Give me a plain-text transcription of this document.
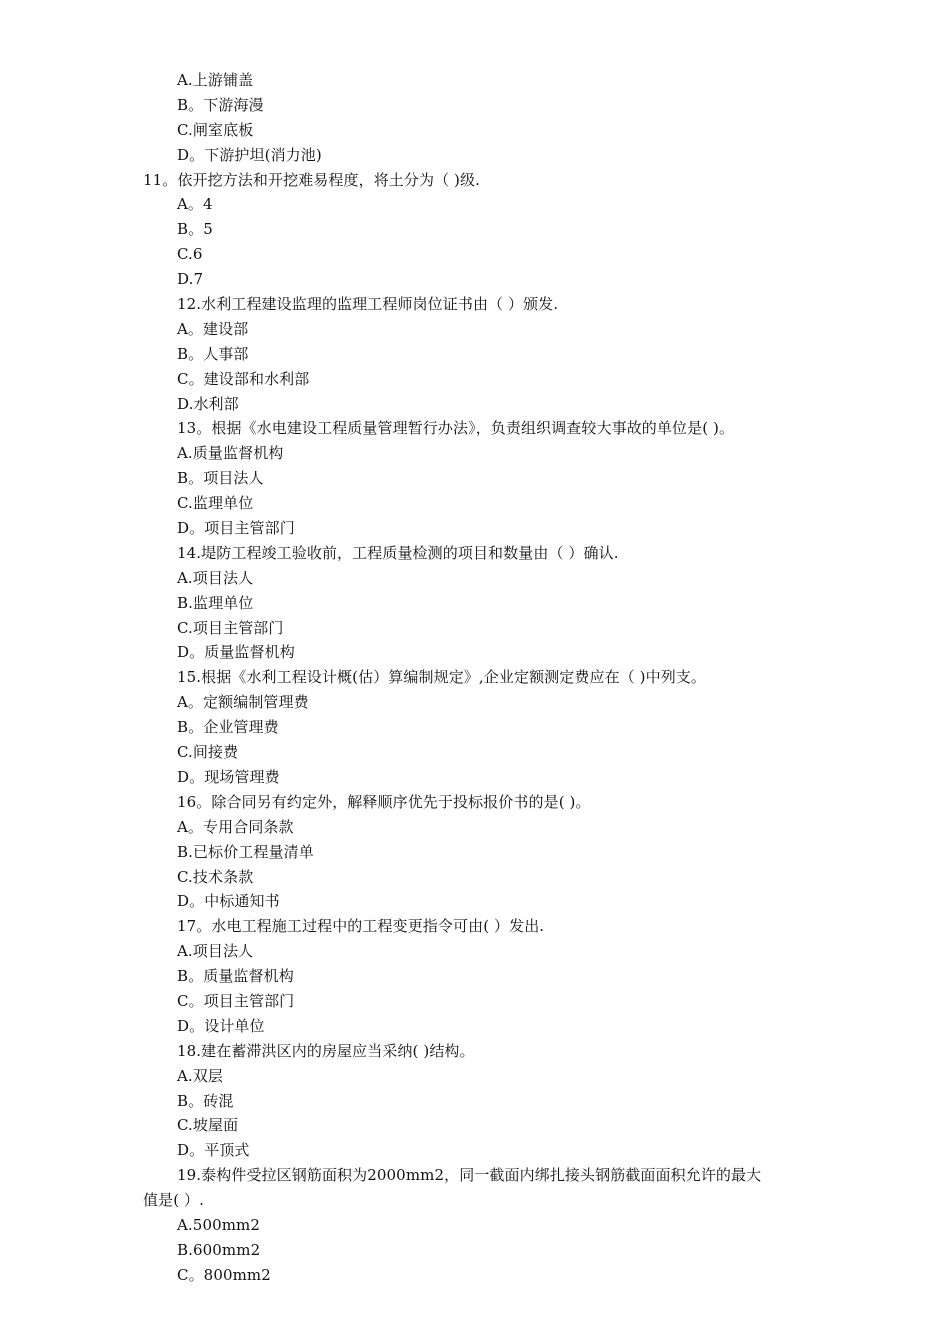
A.上游铺盖
B。下游海漫
C.闸室底板
D。下游护坦(消力池)
11。依开挖方法和开挖难易程度，将土分为（ )级.
A。4
B。5
C.6
D.7
12.水利工程建设监理的监理工程师岗位证书由（ ）颁发.
A。建设部
B。人事部
C。建设部和水利部
D.水利部
13。根据《水电建设工程质量管理暂行办法》，负责组织调查较大事故的单位是( )。
A.质量监督机构
B。项目法人
C.监理单位
D。项目主管部门
14.堤防工程竣工验收前，工程质量检测的项目和数量由（ ）确认.
A.项目法人
B.监理单位
C.项目主管部门
D。质量监督机构
15.根据《水利工程设计概(估）算编制规定》,企业定额测定费应在（ )中列支。
A。定额编制管理费
B。企业管理费
C.间接费
D。现场管理费
16。除合同另有约定外，解释顺序优先于投标报价书的是( )。
A。专用合同条款
B.已标价工程量清单
C.技术条款
D。中标通知书
17。水电工程施工过程中的工程变更指令可由( ）发出.
A.项目法人
B。质量监督机构
C。项目主管部门
D。设计单位
18.建在蓄滞洪区内的房屋应当采纳( )结构。
A.双层
B。砖混
C.坡屋面
D。平顶式
19.泰构件受拉区钢筋面积为2000mm2，同一截面内绑扎接头钢筋截面面积允许的最大
值是( ）.
A.500mm2
B.600mm2
C。800mm2
